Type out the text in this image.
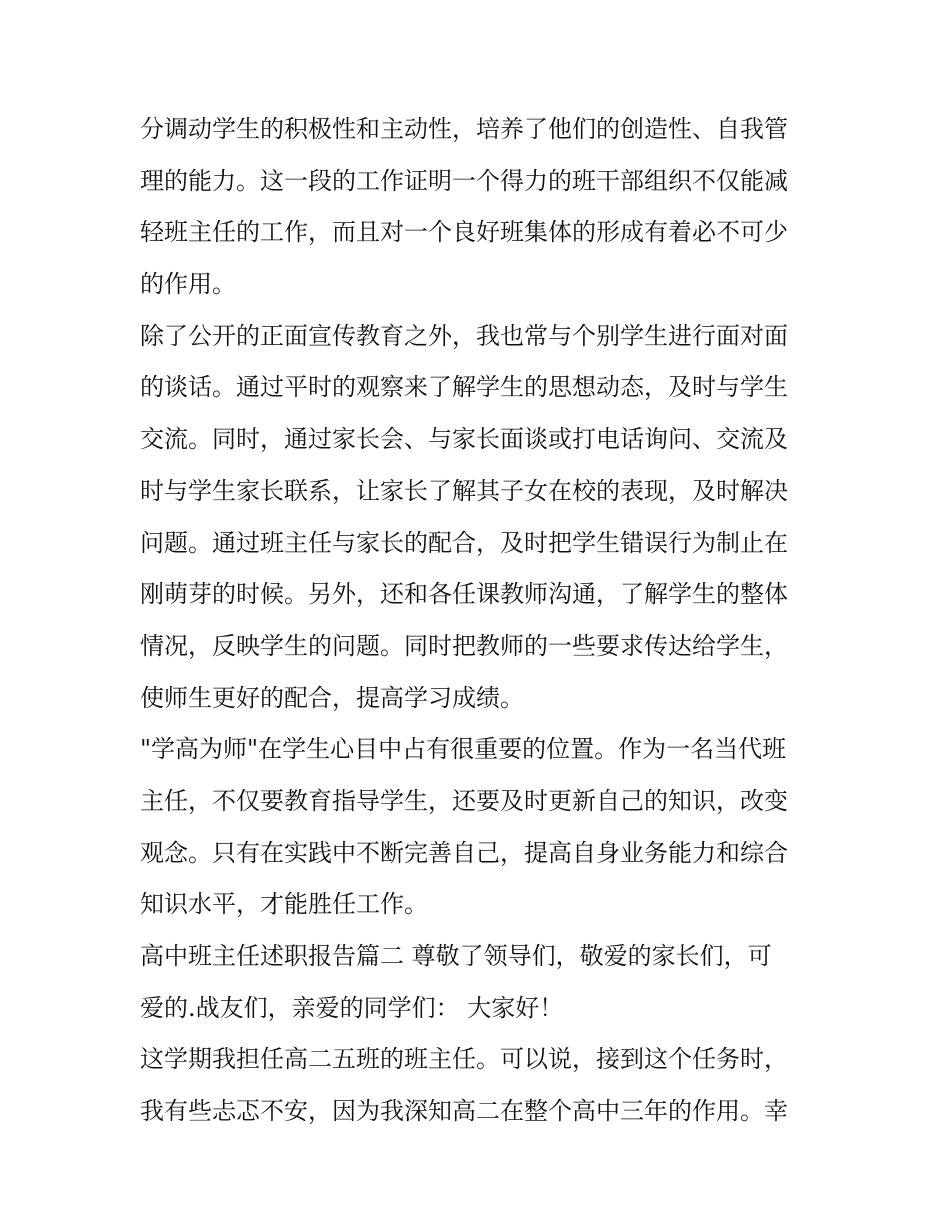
分调动学生的积极性和主动性，培养了他们的创造性、自我管
理的能力。这一段的工作证明一个得力的班干部组织不仅能减
轻班主任的工作，而且对一个良好班集体的形成有着必不可少
的作用。
除了公开的正面宣传教育之外，我也常与个别学生进行面对面
的谈话。通过平时的观察来了解学生的思想动态，及时与学生
交流。同时，通过家长会、与家长面谈或打电话询问、交流及
时与学生家长联系，让家长了解其子女在校的表现，及时解决
问题。通过班主任与家长的配合，及时把学生错误行为制止在
刚萌芽的时候。另外，还和各任课教师沟通，了解学生的整体
情况，反映学生的问题。同时把教师的一些要求传达给学生，
使师生更好的配合，提高学习成绩。
"学高为师"在学生心目中占有很重要的位置。作为一名当代班
主任，不仅要教育指导学生，还要及时更新自己的知识，改变
观念。只有在实践中不断完善自己，提高自身业务能力和综合
知识水平，才能胜任工作。
高中班主任述职报告篇二 尊敬了领导们，敬爱的家长们，可
爱的.战友们，亲爱的同学们： 大家好！
这学期我担任高二五班的班主任。可以说，接到这个任务时，
我有些忐忑不安，因为我深知高二在整个高中三年的作用。幸
